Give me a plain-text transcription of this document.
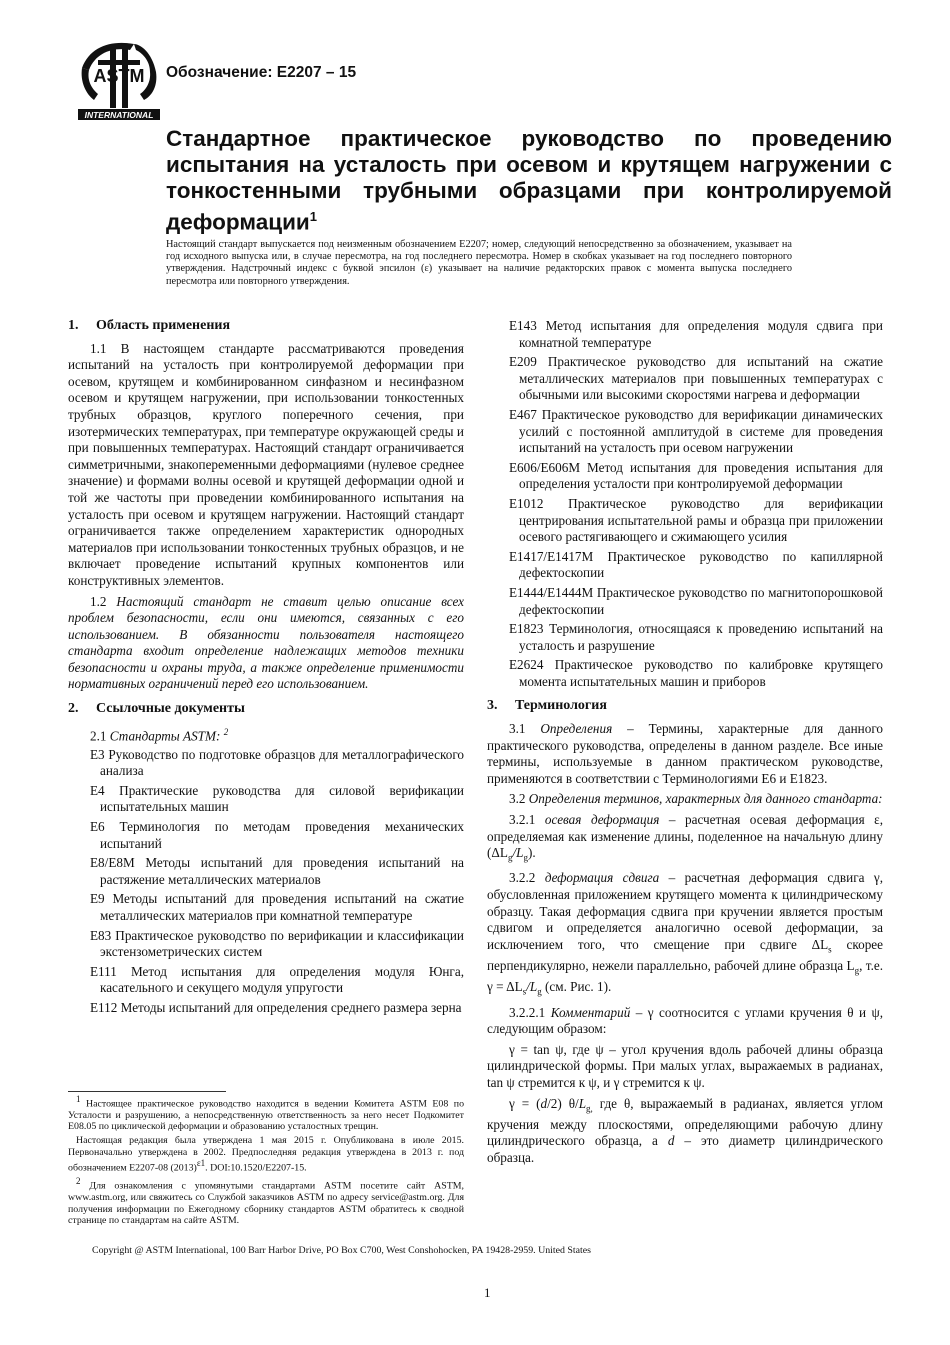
ASTM
INTERNATIONAL
Обозначение: E2207 – 15
Стандартное практическое руководство по проведению испытания на усталость при осевом и крутящем нагружении с тонкостенными трубными образцами при контролируемой деформации$^1$
Настоящий стандарт выпускается под неизменным обозначением E2207; номер, следующий непосредственно за обозначением, указывает на год исходного выпуска или, в случае пересмотра, на год последнего пересмотра. Номер в скобках указывает на год последнего повторного утверждения. Надстрочный индекс с буквой эпсилон (ε) указывает на наличие редакторских правок с момента выпуска последнего пересмотра или повторного утверждения.
1. Область применения

1.1 В настоящем стандарте рассматриваются проведения испытаний на усталость при контролируемой деформации при осевом, крутящем и комбинированном синфазном и несинфазном осевом и крутящем нагружении, при использовании тонкостенных трубных образцов, круглого поперечного сечения, при изотермических температурах, при температуре окружающей среды и при повышенных температурах. Настоящий стандарт ограничивается симметричными, знакопеременными деформациями (нулевое среднее значение) и формами волны осевой и крутящей деформации одной и той же частоты при проведении комбинированного испытания на усталость при осевом и крутящем нагружении. Настоящий стандарт ограничивается также определением характеристик однородных материалов при использовании тонкостенных трубных образцов, и не включает проведение испытаний крупных компонентов или конструктивных элементов.

1.2 Настоящий стандарт не ставит целью описание всех проблем безопасности, если они имеются, связанных с его использованием. В обязанности пользователя настоящего стандарта входит определение надлежащих методов техники безопасности и охраны труда, а также определение применимости нормативных ограничений перед его использованием.

2. Ссылочные документы

2.1 Стандарты ASTM: $^2$

E3 Руководство по подготовке образцов для металлографического анализа

E4 Практические руководства для силовой верификации испытательных машин

E6 Терминология по методам проведения механических испытаний

E8/E8M Методы испытаний для проведения испытаний на растяжение металлических материалов

E9 Методы испытаний для проведения испытаний на сжатие металлических материалов при комнатной температуре

E83 Практическое руководство по верификации и классификации экстензометрических систем

E111 Метод испытания для определения модуля Юнга, касательного и секущего модуля упругости

E112 Методы испытаний для определения среднего размера зерна

1 Настоящее практическое руководство находится в ведении Комитета ASTM E08 по Усталости и разрушению, а непосредственную ответственность за него несет Подкомитет E08.05 по циклической деформации и образованию усталостных трещин.

Настоящая редакция была утверждена 1 мая 2015 г. Опубликована в июле 2015. Первоначально утверждена в 2002. Предпоследняя редакция утверждена в 2013 г. под обозначением E2207-08 (2013)ε1. DOI:10.1520/E2207-15.

2 Для ознакомления с упомянутыми стандартами ASTM посетите сайт ASTM, www.astm.org, или свяжитесь со Службой заказчиков ASTM по адресу service@astm.org. Для получения информации по Ежегодному сборнику стандартов ASTM обратитесь к сводной странице по стандартам на сайте ASTM.

E143 Метод испытания для определения модуля сдвига при комнатной температуре

E209 Практическое руководство для испытаний на сжатие металлических материалов при повышенных температурах с обычными или высокими скоростями нагрева и деформации

E467 Практическое руководство для верификации динамических усилий с постоянной амплитудой в системе для проведения испытаний на усталость при осевом нагружении

E606/E606M Метод испытания для проведения испытания для определения усталости при контролируемой деформации

E1012 Практическое руководство для верификации центрирования испытательной рамы и образца при приложении осевого растягивающего и сжимающего усилия

E1417/E1417M Практическое руководство по капиллярной дефектоскопии

E1444/E1444M Практическое руководство по магнитопорошковой дефектоскопии

E1823 Терминология, относящаяся к проведению испытаний на усталость и разрушение

E2624 Практическое руководство по калибровке крутящего момента испытательных машин и приборов

3. Терминология

3.1 Определения – Термины, характерные для данного практического руководства, определены в данном разделе. Все иные термины, используемые в данном практическом руководстве, применяются в соответствии с Терминологиями E6 и E1823.

3.2 Определения терминов, характерных для данного стандарта:

3.2.1 осевая деформация – расчетная осевая деформация ε, определяемая как изменение длины, поделенное на начальную длину $(\Delta L_g/L_g)$.

3.2.2 деформация сдвига – расчетная деформация сдвига γ, обусловленная приложением крутящего момента к цилиндрическому образцу. Такая деформация сдвига при кручении является простым сдвигом и определяется аналогично осевой деформации, за исключением того, что смещение при сдвиге $\Delta L_s$ скорее перпендикулярно, нежели параллельно, рабочей длине образца $L_g$, т.е. $\gamma = \Delta L_s/L_g$ (см. Рис. 1).

3.2.2.1 Комментарий – γ соотносится с углами кручения θ и ψ, следующим образом:

γ = tan ψ, где ψ – угол кручения вдоль рабочей длины образца цилиндрической формы. При малых углах, выражаемых в радианах, tan ψ стремится к ψ, и γ стремится к ψ.

γ = (d/2) $\theta/L_{g,}$ где θ, выражаемый в радианах, является углом кручения между плоскостями, определяющими рабочую длину цилиндрического образца, а d – это диаметр цилиндрического образца.

Copyright @ ASTM International, 100 Barr Harbor Drive, PO Box C700, West Conshohocken, PA 19428-2959. United States
1
